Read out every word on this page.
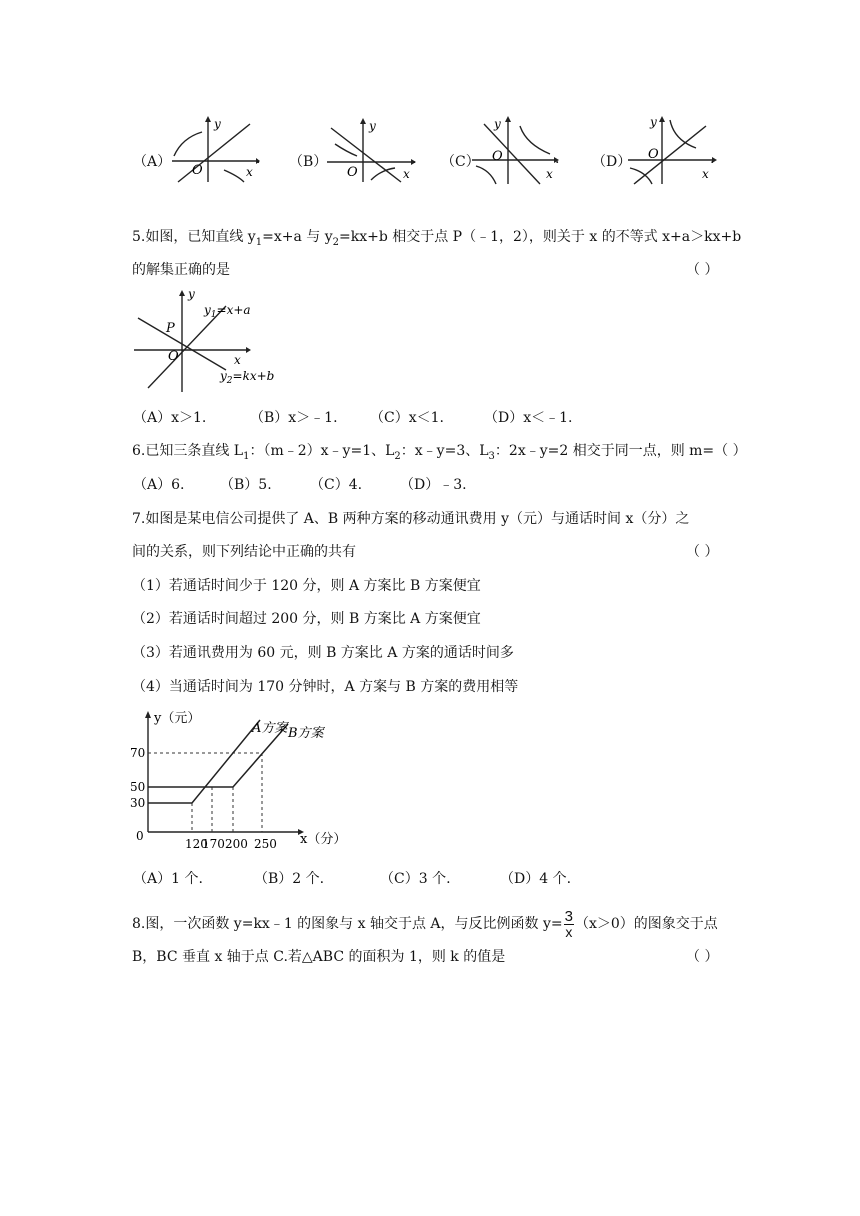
（A）
y
O	x
. （B）
y
O	x
. （C）
y
O
x
. （D）
y
O
x
.
5.如图，已知直线 $y_1=x+a$ 与 $y_2=kx+b$ 相交于点 P（﹣1，2），则关于 x 的不等式 x+a＞kx+b
的解集正确的是	（ ）
y
P
O	x
$y_1=x+a$
$y_2=kx+b$
（A）x＞1.	（B）x＞﹣1. （C）x＜1.	（D）x＜﹣1.
6.已知三条直线 $L_1$：（m﹣2）x﹣y=1、$L_2$：x﹣y=3、$L_3$：2x﹣y=2 相交于同一点，则 m=（ ）
（A）6.	（B）5.	（C）4.	（D）﹣3.
7.如图是某电信公司提供了 A、B 两种方案的移动通讯费用 y（元）与通话时间 x（分）之
间的关系，则下列结论中正确的共有	（ ）
（1）若通话时间少于 120 分，则 A 方案比 B 方案便宜
（2）若通话时间超过 200 分，则 B 方案比 A 方案便宜
（3）若通讯费用为 60 元，则 B 方案比 A 方案的通话时间多
（4）当通话时间为 170 分钟时，A 方案与 B 方案的费用相等
y（元）
A方案 B方案
x（分）
70
50
30
0
120
170 200 250
（A）1 个.	（B）2 个.	（C）3 个.	（D）4 个.
8.图，一次函数 y=kx﹣1 的图象与 x 轴交于点 A，与反比例函数 $y= \frac{3}{x} (x>0)$的图象交于点
B，BC 垂直 x 轴于点 C.若△ABC 的面积为 1，则 k 的值是	（ ）
